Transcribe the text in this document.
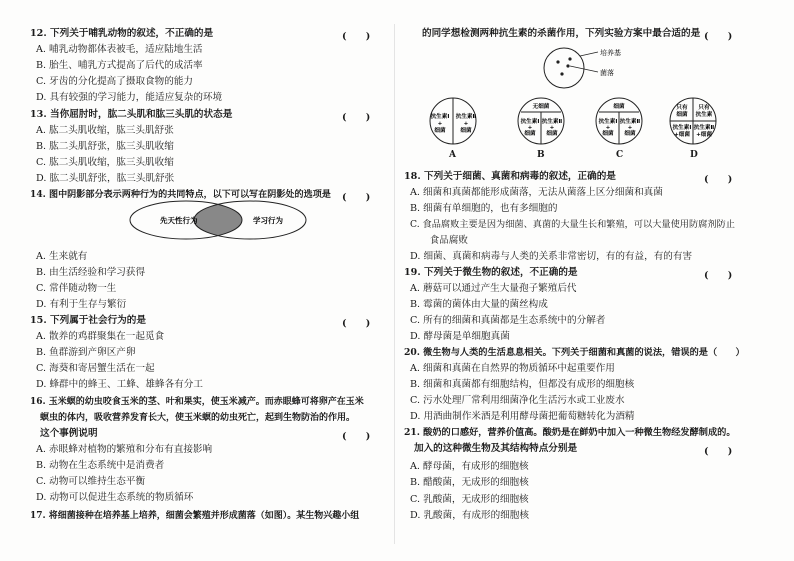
12. 下列关于哺乳动物的叙述，不正确的是	(　　)
A. 哺乳动物都体表被毛，适应陆地生活
B. 胎生、哺乳方式提高了后代的成活率
C. 牙齿的分化提高了摄取食物的能力
D. 具有较强的学习能力，能适应复杂的环境
13. 当你屈肘时，肱二头肌和肱三头肌的状态是	(　　)
A. 肱二头肌收缩，肱三头肌舒张
B. 肱二头肌舒张，肱三头肌收缩
C. 肱二头肌收缩，肱三头肌收缩
D. 肱二头肌舒张，肱三头肌舒张
14. 图中阴影部分表示两种行为的共同特点，以下可以写在阴影处的选项是 (　　)
先天性行为	学习行为
A. 生来就有
B. 由生活经验和学习获得
C. 常伴随动物一生
D. 有利于生存与繁衍
15. 下列属于社会行为的是	(　　)
A. 散养的鸡群聚集在一起觅食
B. 鱼群游到产卵区产卵
C. 海葵和寄居蟹生活在一起
D. 蜂群中的蜂王、工蜂、雄蜂各有分工
16. 玉米螟的幼虫咬食玉米的茎、叶和果实，使玉米减产。而赤眼蜂可将卵产在玉米
螟虫的体内，吸收营养发育长大，使玉米螟的幼虫死亡，起到生物防治的作用。
这个事例说明	(　　)
A. 赤眼蜂对植物的繁殖和分布有直接影响
B. 动物在生态系统中是消费者
C. 动物可以维持生态平衡
D. 动物可以促进生态系统的物质循环
17. 将细菌接种在培养基上培养，细菌会繁殖并形成菌落（如图）。某生物兴趣小组
的同学想检测两种抗生素的杀菌作用，下列实验方案中最合适的是 (　　)
培养基
菌落
抗生素Ⅰ
+
细菌
抗生素Ⅱ
+
细菌
A
无细菌
抗生素Ⅰ
+
细菌
抗生素Ⅱ
+
细菌
B
细菌
抗生素Ⅰ
+
细菌
抗生素Ⅱ
+
细菌
C
只有
细菌
只有
抗生素
抗生素Ⅰ
+细菌
抗生素Ⅱ
+细菌
D
18. 下列关于细菌、真菌和病毒的叙述，正确的是	(　　)
A. 细菌和真菌都能形成菌落，无法从菌落上区分细菌和真菌
B. 细菌有单细胞的，也有多细胞的
C. 食品腐败主要是因为细菌、真菌的大量生长和繁殖，可以大量使用防腐剂防止
　食品腐败
D. 细菌、真菌和病毒与人类的关系非常密切，有的有益，有的有害
19. 下列关于微生物的叙述，不正确的是	(　　)
A. 蘑菇可以通过产生大量孢子繁殖后代
B. 霉菌的菌体由大量的菌丝构成
C. 所有的细菌和真菌都是生态系统中的分解者
D. 酵母菌是单细胞真菌
20. 微生物与人类的生活息息相关。下列关于细菌和真菌的说法，错误的是（　　）
A. 细菌和真菌在自然界的物质循环中起重要作用
B. 细菌和真菌都有细胞结构，但都没有成形的细胞核
C. 污水处理厂常利用细菌净化生活污水或工业废水
D. 用酒曲制作米酒是利用酵母菌把葡萄糖转化为酒精
21. 酸奶的口感好，营养价值高。酸奶是在鲜奶中加入一种微生物经发酵制成的。
加入的这种微生物及其结构特点分别是	(　　)
A. 酵母菌，有成形的细胞核
B. 醋酸菌，无成形的细胞核
C. 乳酸菌，无成形的细胞核
D. 乳酸菌，有成形的细胞核
